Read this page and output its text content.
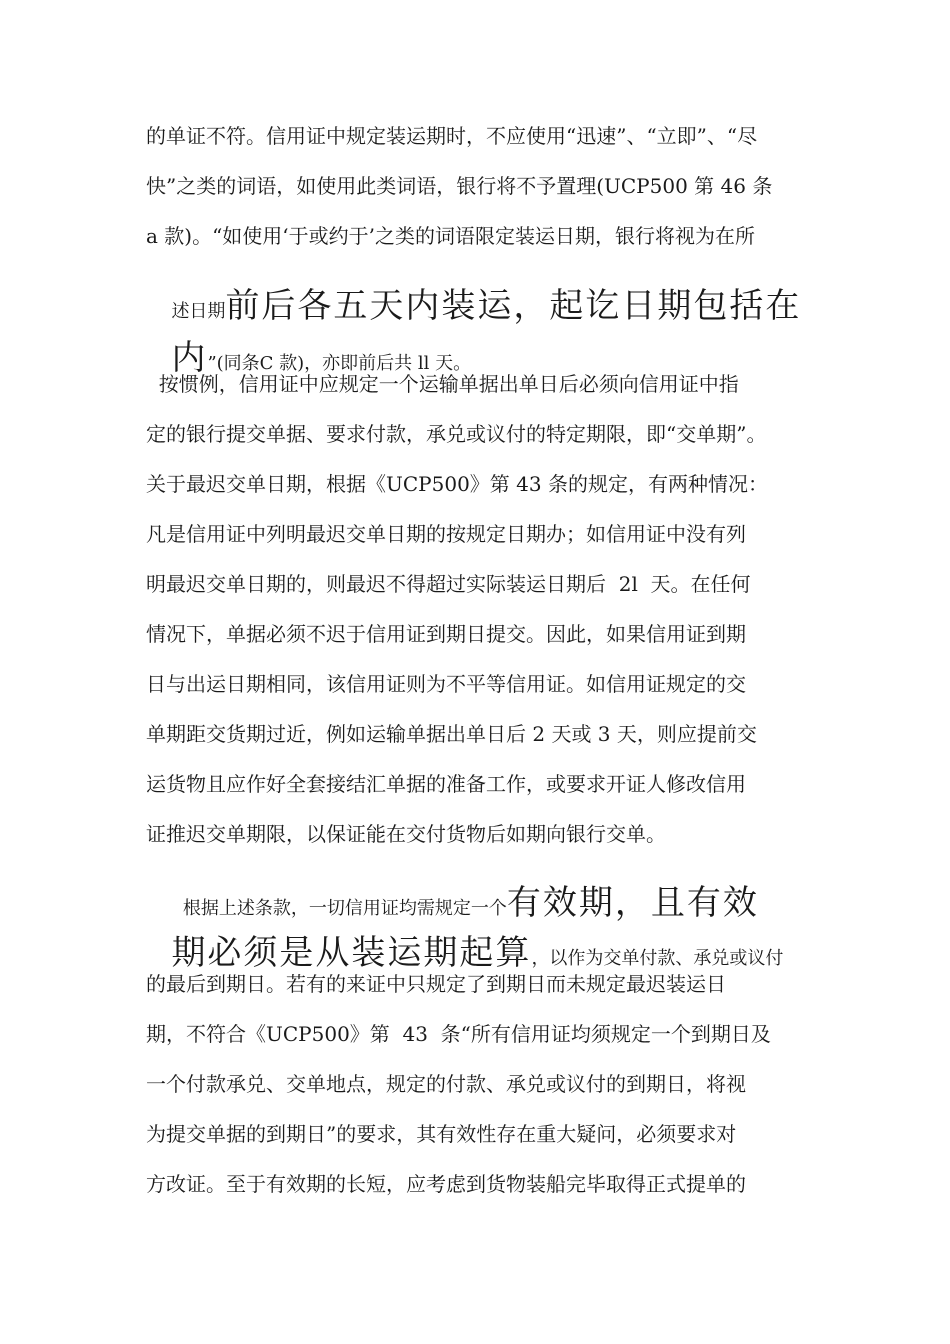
的单证不符。信用证中规定装运期时，不应使用“迅速”、“立即”、“尽

快”之类的词语，如使用此类词语，银行将不予置理(UCP500 第 46 条

a 款)。“如使用‘于或约于’之类的词语限定装运日期，银行将视为在所

述日期前后各五天内装运，起讫日期包括在

内”(同条C 款)，亦即前后共 ll 天。

按惯例，信用证中应规定一个运输单据出单日后必须向信用证中指

定的银行提交单据、要求付款，承兑或议付的特定期限，即“交单期”。

关于最迟交单日期，根据《UCP500》第 43 条的规定，有两种情况：

凡是信用证中列明最迟交单日期的按规定日期办；如信用证中没有列

明最迟交单日期的，则最迟不得超过实际装运日期后  2l  天。在任何

情况下，单据必须不迟于信用证到期日提交。因此，如果信用证到期

日与出运日期相同，该信用证则为不平等信用证。如信用证规定的交

单期距交货期过近，例如运输单据出单日后 2 天或 3 天，则应提前交

运货物且应作好全套接结汇单据的准备工作，或要求开证人修改信用

证推迟交单期限，以保证能在交付货物后如期向银行交单。

根据上述条款，一切信用证均需规定一个有效期，且有效

期必须是从装运期起算，以作为交单付款、承兑或议付

的最后到期日。若有的来证中只规定了到期日而未规定最迟装运日

期，不符合《UCP500》第  43  条“所有信用证均须规定一个到期日及

一个付款承兑、交单地点，规定的付款、承兑或议付的到期日，将视

为提交单据的到期日”的要求，其有效性存在重大疑问，必须要求对

方改证。至于有效期的长短，应考虑到货物装船完毕取得正式提单的
